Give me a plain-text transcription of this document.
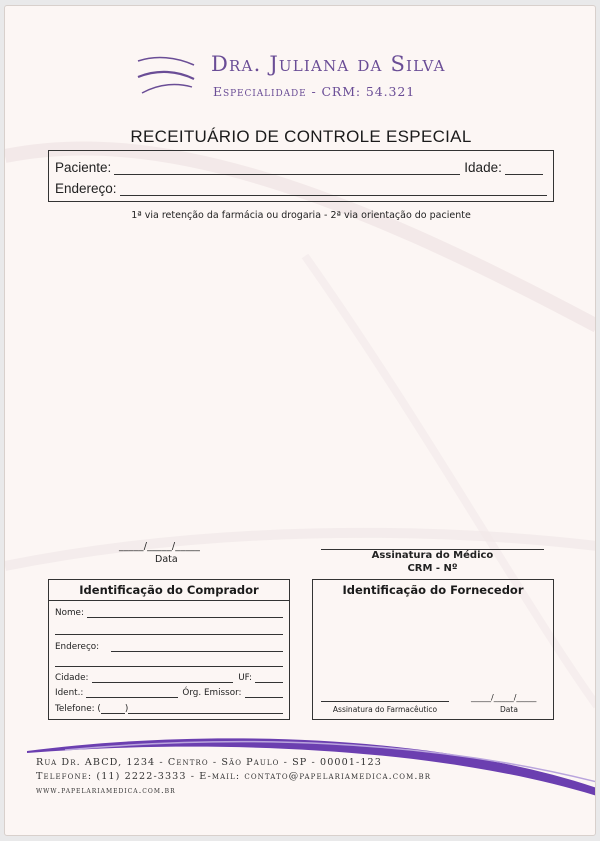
Dra. Juliana da Silva
Especialidade - CRM: 54.321
RECEITUÁRIO DE CONTROLE ESPECIAL
Paciente:	Idade:
Endereço:
1ª via retenção da farmácia ou drogaria - 2ª via orientação do paciente
_____/_____/_____
Data	Assinatura do Médico
CRM - Nº
Identificação do Comprador
Nome:
Endereço:
Cidade:	UF:
Ident.:	Órg. Emissor:
Telefone: (	)
Identificação do Fornecedor
Assinatura do Farmacêutico
_____/_____/_____
Data
Rua Dr. ABCD, 1234 - Centro - São Paulo - SP - 00001-123
Telefone: (11) 2222-3333 - E-mail: contato@papelariamedica.com.br
www.papelariamedica.com.br
